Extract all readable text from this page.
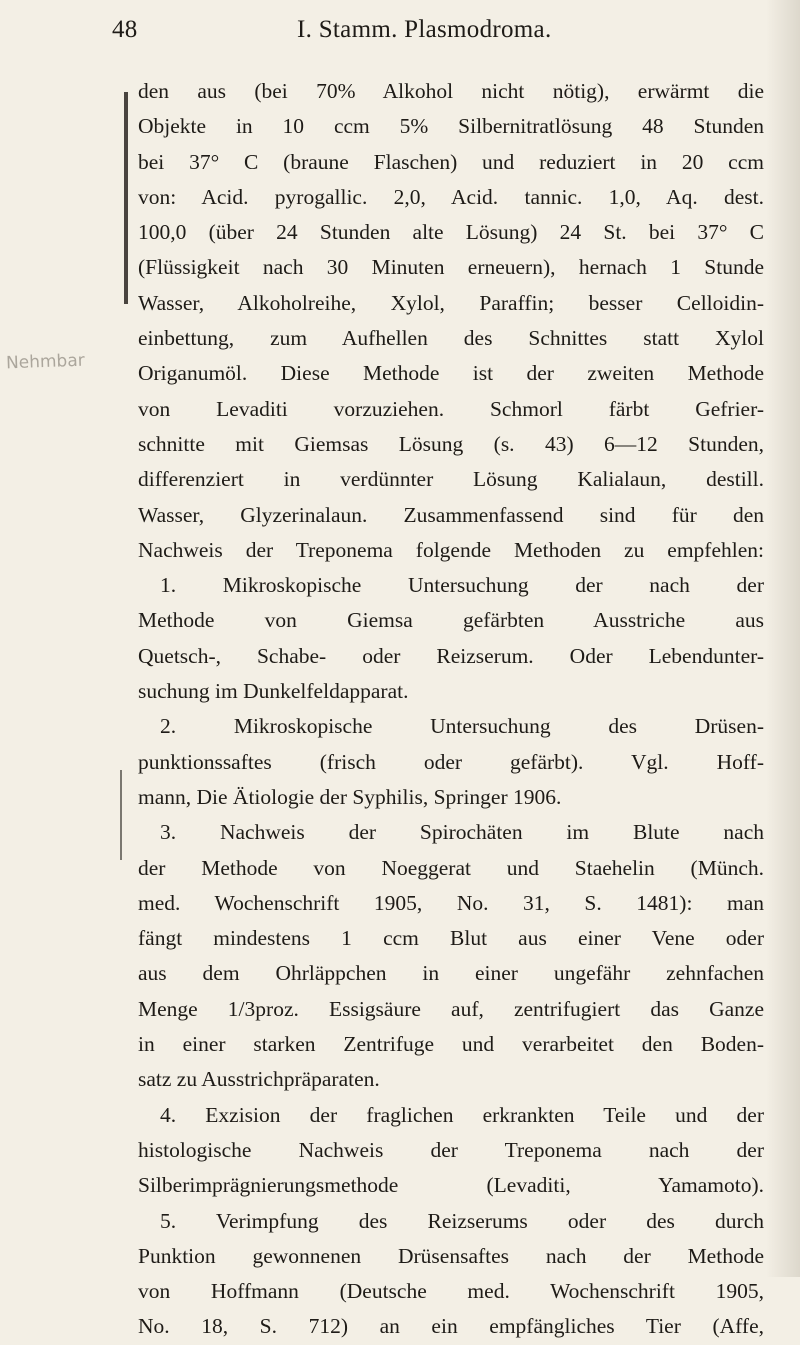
48	I. Stamm. Plasmodroma.
Nehmbar
den aus (bei 70% Alkohol nicht nötig), erwärmt die
Objekte in 10 ccm 5% Silbernitratlösung 48 Stunden
bei 37° C (braune Flaschen) und reduziert in 20 ccm
von: Acid. pyrogallic. 2,0, Acid. tannic. 1,0, Aq. dest.
100,0 (über 24 Stunden alte Lösung) 24 St. bei 37° C
(Flüssigkeit nach 30 Minuten erneuern), hernach 1 Stunde
Wasser, Alkoholreihe, Xylol, Paraffin; besser Celloidin-
einbettung, zum Aufhellen des Schnittes statt Xylol
Origanumöl. Diese Methode ist der zweiten Methode
von Levaditi vorzuziehen. Schmorl färbt Gefrier-
schnitte mit Giemsas Lösung (s. 43) 6—12 Stunden,
differenziert in verdünnter Lösung Kalialaun, destill.
Wasser, Glyzerinalaun. Zusammenfassend sind für den
Nachweis der Treponema folgende Methoden zu empfehlen:
1. Mikroskopische Untersuchung der nach der
Methode von Giemsa gefärbten Ausstriche aus
Quetsch-, Schabe- oder Reizserum. Oder Lebendunter-
suchung im Dunkelfeldapparat.
2. Mikroskopische Untersuchung des Drüsen-
punktionssaftes (frisch oder gefärbt). Vgl. Hoff-
mann, Die Ätiologie der Syphilis, Springer 1906.
3. Nachweis der Spirochäten im Blute nach
der Methode von Noeggerat und Staehelin (Münch.
med. Wochenschrift 1905, No. 31, S. 1481): man
fängt mindestens 1 ccm Blut aus einer Vene oder
aus dem Ohrläppchen in einer ungefähr zehnfachen
Menge 1/3proz. Essigsäure auf, zentrifugiert das Ganze
in einer starken Zentrifuge und verarbeitet den Boden-
satz zu Ausstrichpräparaten.
4. Exzision der fraglichen erkrankten Teile und der
histologische Nachweis der Treponema nach der
Silberimprägnierungsmethode (Levaditi, Yamamoto).
5. Verimpfung des Reizserums oder des durch
Punktion gewonnenen Drüsensaftes nach der Methode
von Hoffmann (Deutsche med. Wochenschrift 1905,
No. 18, S. 712) an ein empfängliches Tier (Affe,
